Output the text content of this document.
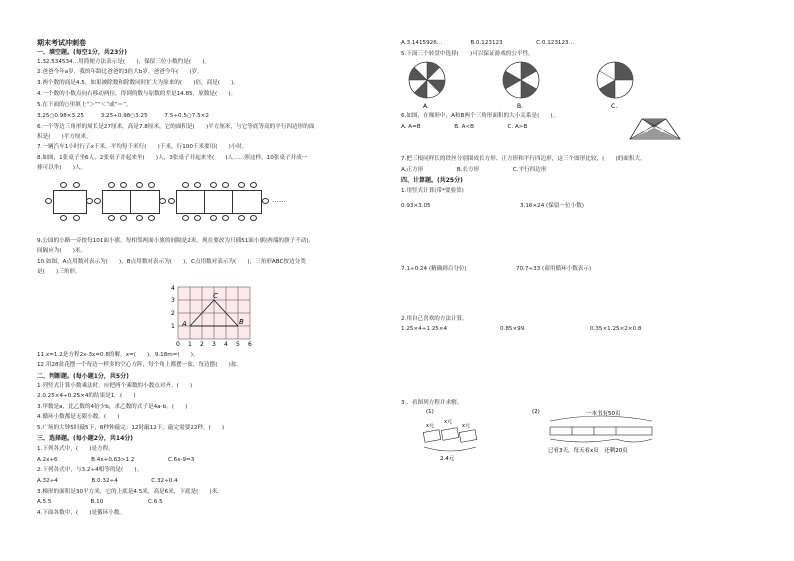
期末考试冲刺卷
一、填空题。(每空1分，共23分)
1.32.534534…用简便方法表示是(　　)，保留三位小数约是(　　)。
2.爸爸今年a岁，我的年龄比爸爸的3倍大b岁，爸爸今年(　　)岁。
3.两个数的商是4.5，如果被除数和除数同时扩大为原来的(　　)倍，商是(　　)。
4.一个数的小数点向右移动两位，得到的数与原数的差是14.85，原数是(　　)。
5.在下面的○里填上“＞”“＜”或“＝”。
3.25○0.98×3.25　　　3.25÷0.98○3.25　　　7.5÷0.5○7.5×2
6.一个等边三角形的周长是27厘米，高是7.8厘米，它的面积是(　　)平方厘米，与它等底等高的平行四边形的面
积是(　　)平方厘米。
7.一辆汽车1小时行了x千米，平均每千米行(　　)千米，行100千米要用(　　)小时。
8.如图，1张桌子坐6人，2张桌子并起来坐(　　)人，3张桌子并起来坐(　　)人……照这样，10张桌子并成一
排可以坐(　　)人。
……
9.公园的小路一旁按每101面小旗，每相邻两面小旗的间隔是2米。现在要改为只插51面小旗(两端的旗子不动)，
间隔应为(　　)米。
10.如图，A点用数对表示为(　　)，B点用数对表示为(　　)，C点用数对表示为(　　)，三角形ABC按边分类
是(　　)三角形。
A
C
B
0 1 2 3 4 5 6
1
2
3
4
11.x=1.2是方程2x-3x=0.8的解，x=(　　)，9.18m=(　　)。
12.用28盆花摆一个每边一样多的空心方阵，每个角上都摆一盆，每边摆(　　)盆。
二、判断题。(每小题1分，共5分)
1.列竖式计算小数乘法时，应把两个乘数的小数点对齐。(　　)
2.0.25×4÷0.25×4的结果是1。(　　)
3.甲数是a，比乙数的4倍少b，求乙数的式子是4a-b。(　　)
4.循环小数都是无限小数。(　　)
5.广场的大钟5时敲5下，8秒钟敲完；12时敲12下，敲完需要22秒。(　　)
三、选择题。(每小题2分，共14分)
1.下列各式中，(　　)是方程。
A.2x+6　　　　　　B.4x+0.63>1.2　　　　　　C.6x-9=3
2.下列各式中，与3.2÷4相等的是(　　)。
A.32÷4　　　　　　B.0.32÷4　　　　　　C.32÷0.4
3.梯形的面积是30平方米，它的上底是4.5米，高是6米，下底是(　　)米。
A.5.5　　　　　　　B.10　　　　　　　　C.6.5
4.下面各数中，(　　)是循环小数。
A.3.1415926…　　　　　B.0.123123　　　　　　C.0.123123…
5.下面三个转盘中选择(　　)可以保证游戏的公平性。
A.	B.	C.
6.如图，在梯形中，A和B两个三角形面积的大小关系是(　　)。
A. A=B　　　　　　B. A<B　　　　　　C. A>B	A B
7.把三根同样长的铁丝分别围成长方形、正方形和平行四边形，这三个图形比较，(　　)的面积大。
A.正方形　　　　　　B.长方形　　　　　　C.平行四边形
四、计算题。(共25分)
1.用竖式计算(带*要验算)
0.93×3.05	3.16×24 (保留一位小数)
7.1÷0.24 (精确到百分位)	70.7÷33 (商用循环小数表示)
2.用自己喜欢的方法计算。
1.25×4÷1.25×4	0.85×99	0.35×1.25×2×0.8
3.．看图列方程并求解。
(1)	(2)
x元
x元
x元
2.4元
一本书有50页
已看3天，每天看x页　还剩20页
